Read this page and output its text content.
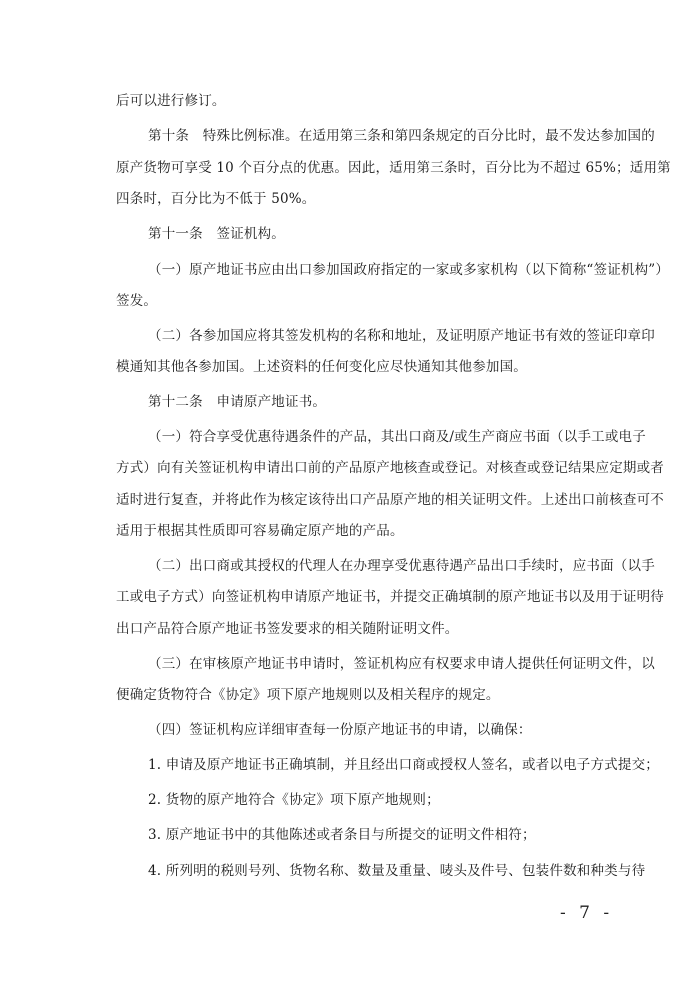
后可以进行修订。
第十条　特殊比例标准。在适用第三条和第四条规定的百分比时，最不发达参加国的
原产货物可享受 10 个百分点的优惠。因此，适用第三条时，百分比为不超过 65%；适用第
四条时，百分比为不低于 50%。
第十一条　签证机构。
（一）原产地证书应由出口参加国政府指定的一家或多家机构（以下简称“签证机构”）
签发。
（二）各参加国应将其签发机构的名称和地址，及证明原产地证书有效的签证印章印
模通知其他各参加国。上述资料的任何变化应尽快通知其他参加国。
第十二条　申请原产地证书。
（一）符合享受优惠待遇条件的产品，其出口商及/或生产商应书面（以手工或电子
方式）向有关签证机构申请出口前的产品原产地核查或登记。对核查或登记结果应定期或者
适时进行复查，并将此作为核定该待出口产品原产地的相关证明文件。上述出口前核查可不
适用于根据其性质即可容易确定原产地的产品。
（二）出口商或其授权的代理人在办理享受优惠待遇产品出口手续时，应书面（以手
工或电子方式）向签证机构申请原产地证书，并提交正确填制的原产地证书以及用于证明待
出口产品符合原产地证书签发要求的相关随附证明文件。
（三）在审核原产地证书申请时，签证机构应有权要求申请人提供任何证明文件，以
便确定货物符合《协定》项下原产地规则以及相关程序的规定。
（四）签证机构应详细审查每一份原产地证书的申请，以确保：
1. 申请及原产地证书正确填制，并且经出口商或授权人签名，或者以电子方式提交；
2. 货物的原产地符合《协定》项下原产地规则；
3. 原产地证书中的其他陈述或者条目与所提交的证明文件相符；
4. 所列明的税则号列、货物名称、数量及重量、唛头及件号、包装件数和种类与待
- 7 -
